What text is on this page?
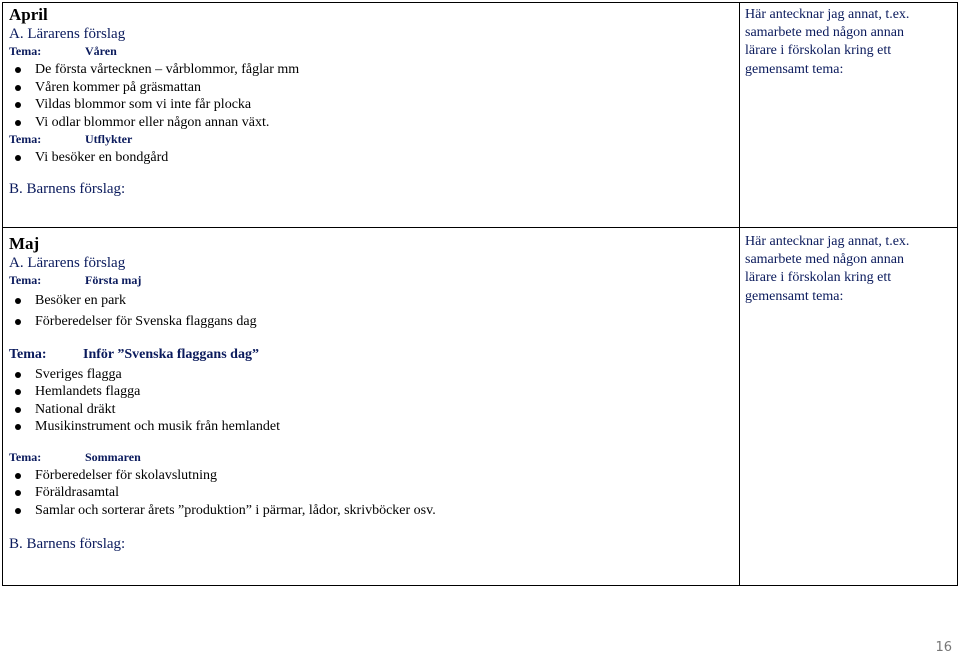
April
A. Lärarens förslag
Tema:	Våren
De första vårtecknen – vårblommor, fåglar mm
Våren kommer på gräsmattan
Vildas blommor som vi inte får plocka
Vi odlar blommor eller någon annan växt.
Tema:	Utflykter
Vi besöker en bondgård
B. Barnens förslag:
Här antecknar jag annat, t.ex.
samarbete med någon annan
lärare i förskolan kring ett
gemensamt tema:
Maj
A. Lärarens förslag
Tema:	Första maj
Besöker en park
Förberedelser för Svenska flaggans dag
Tema:	Inför ”Svenska flaggans dag”
Sveriges flagga
Hemlandets flagga
National dräkt
Musikinstrument och musik från hemlandet
Tema:	Sommaren
Förberedelser för skolavslutning
Föräldrasamtal
Samlar och sorterar årets ”produktion” i pärmar, lådor, skrivböcker osv.
B. Barnens förslag:
Här antecknar jag annat, t.ex.
samarbete med någon annan
lärare i förskolan kring ett
gemensamt tema:
16
